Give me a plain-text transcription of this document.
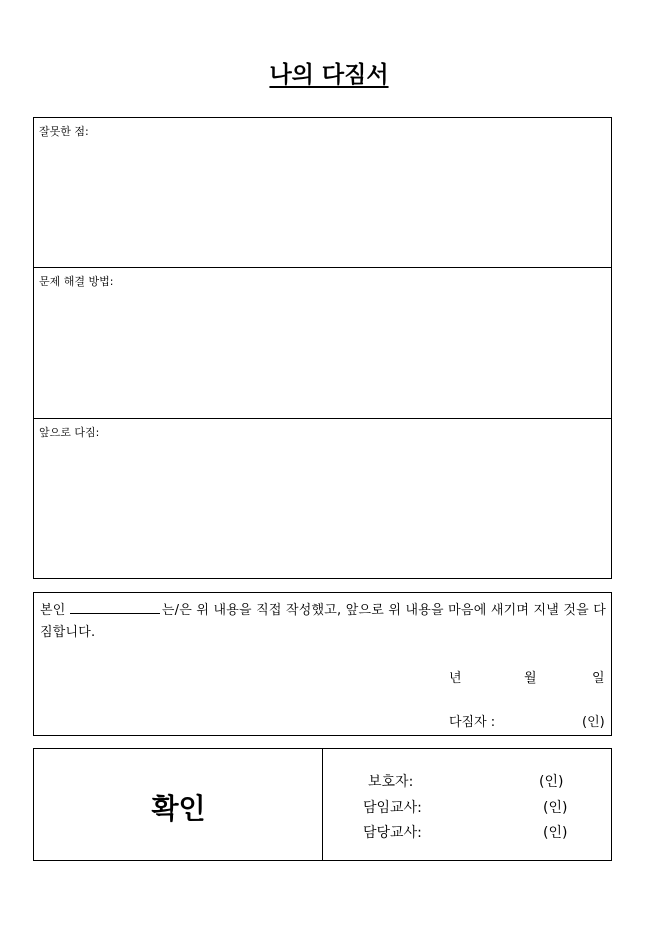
나의 다짐서
잘못한 점:
문제 해결 방법:
앞으로 다짐:
본인	는/은 위 내용을 직접 작성했고, 앞으로 위 내용을 마음에 새기며 지낼 것을 다짐합니다.
년	월	일
다짐자 :	(인)
확인
보호자:	(인)
담임교사:	(인)
담당교사:	(인)
